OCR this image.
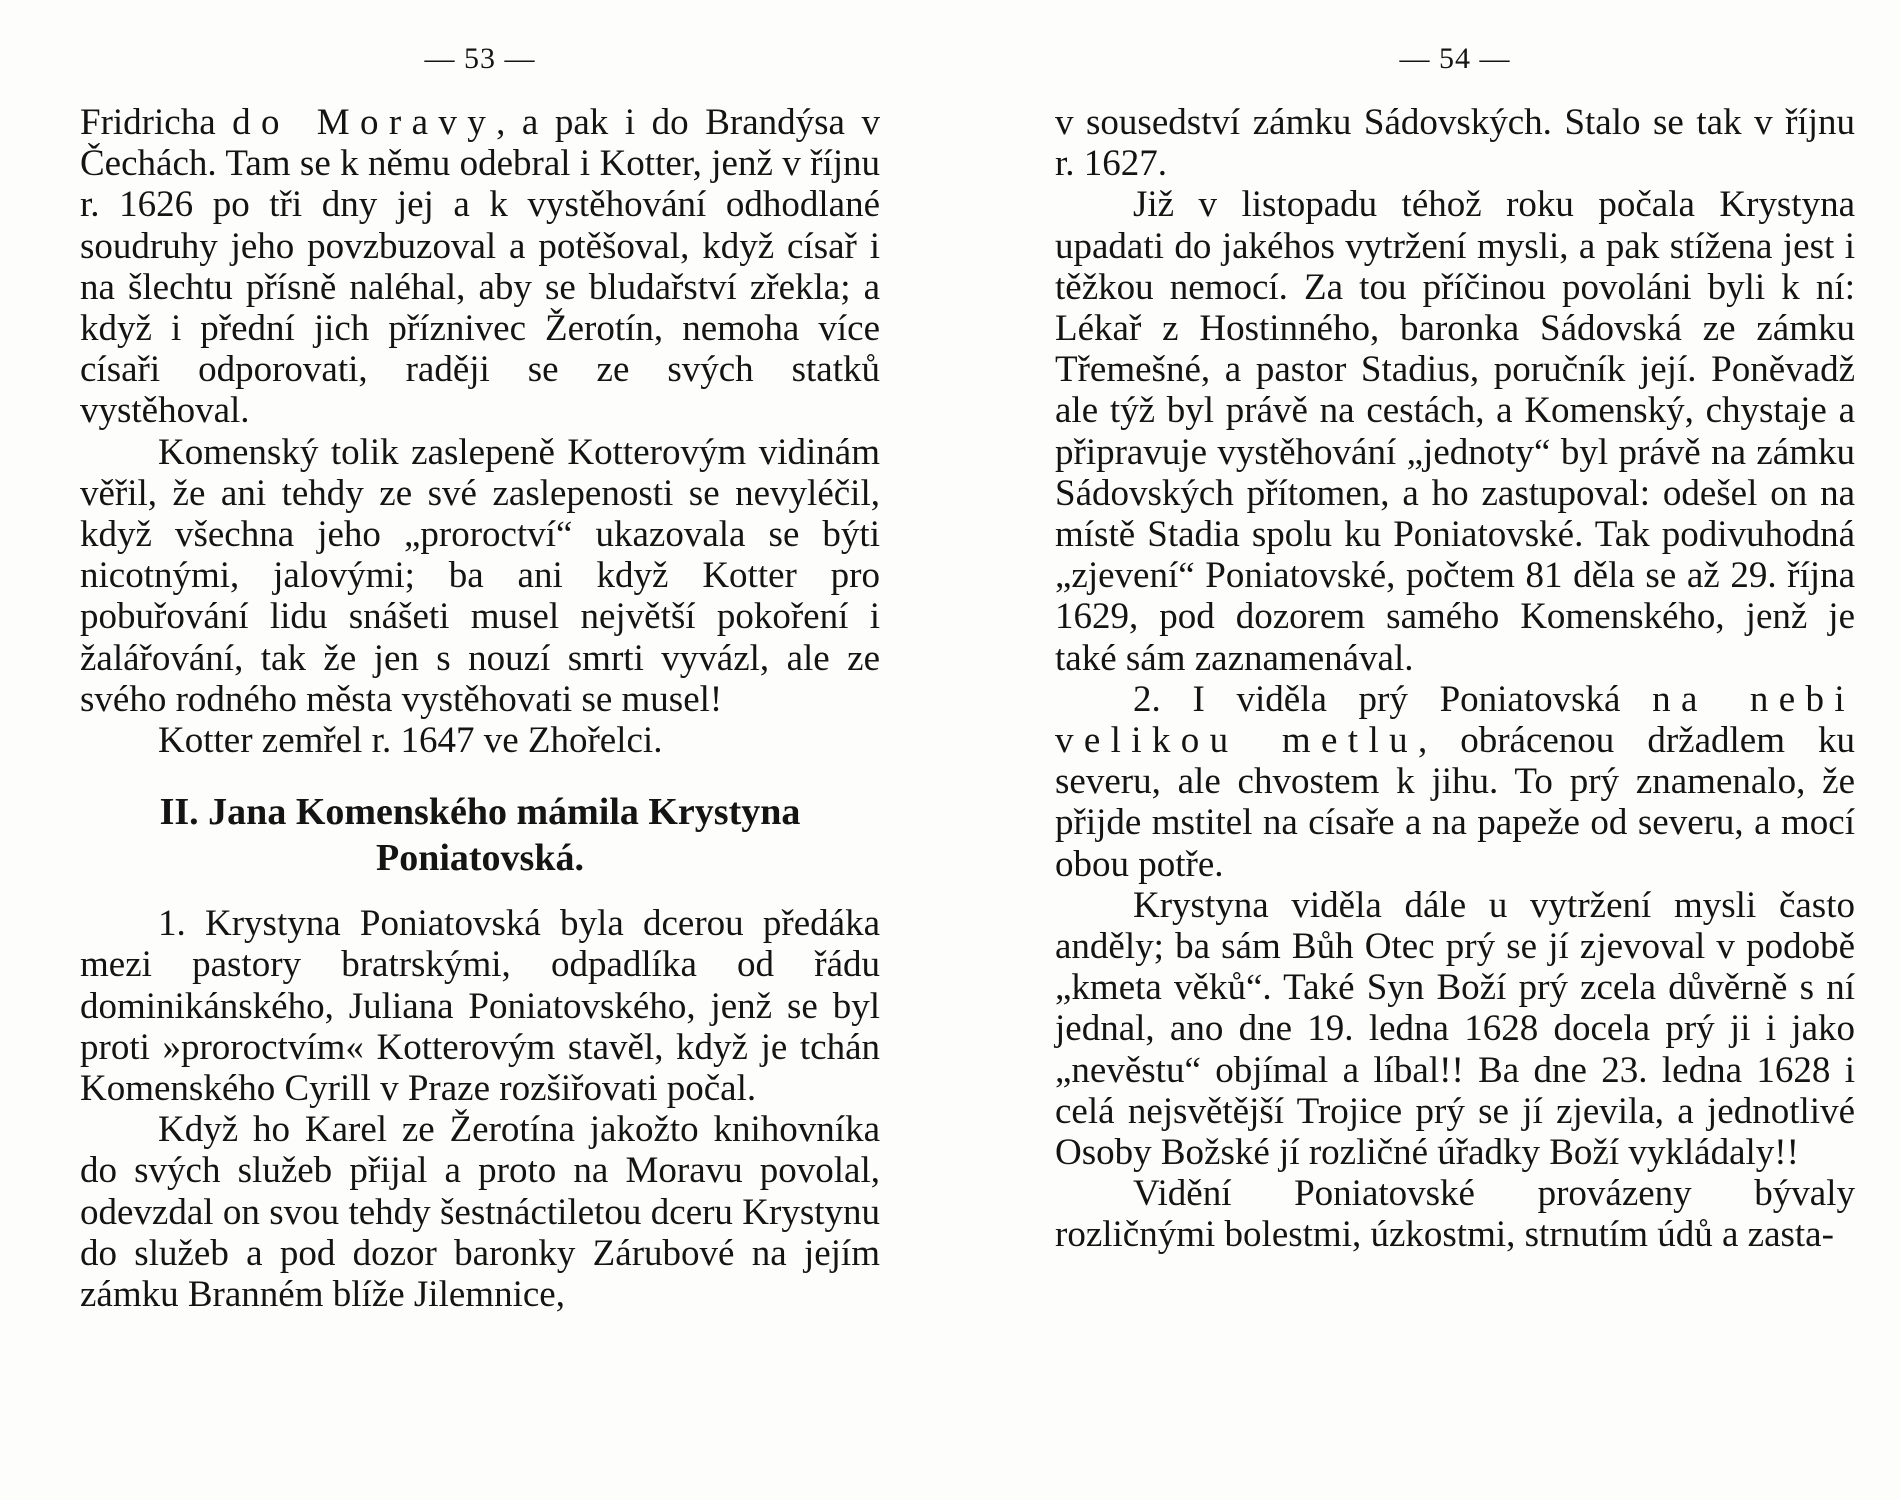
— 53 —

Fridricha do Moravy, a pak i do Brandýsa v Čechách. Tam se k němu odebral i Kotter, jenž v říjnu r. 1626 po tři dny jej a k vystěhování odhodlané soudruhy jeho povzbuzoval a potěšoval, když císař i na šlechtu přísně naléhal, aby se bludařství zřekla; a když i přední jich příznivec Žerotín, nemoha více císaři odporovati, raději se ze svých statků vystěhoval.

Komenský tolik zaslepeně Kotterovým vidinám věřil, že ani tehdy ze své zaslepenosti se nevyléčil, když všechna jeho „proroctví“ ukazovala se býti nicotnými, jalovými; ba ani když Kotter pro pobuřování lidu snášeti musel největší pokoření i žalářování, tak že jen s nouzí smrti vyvázl, ale ze svého rodného města vystěhovati se musel!

Kotter zemřel r. 1647 ve Zhořelci.

II. Jana Komenského mámila Krystyna
Poniatovská.

1. Krystyna Poniatovská byla dcerou předáka mezi pastory bratrskými, odpadlíka od řádu dominikánského, Juliana Poniatovského, jenž se byl proti »proroctvím« Kotterovým stavěl, když je tchán Komenského Cyrill v Praze rozšiřovati počal.

Když ho Karel ze Žerotína jakožto knihovníka do svých služeb přijal a proto na Moravu povolal, odevzdal on svou tehdy šestnáctiletou dceru Krystynu do služeb a pod dozor baronky Zárubové na jejím zámku Branném blíže Jilemnice,

— 54 —

v sousedství zámku Sádovských. Stalo se tak v říjnu r. 1627.

Již v listopadu téhož roku počala Krystyna upadati do jakéhos vytržení mysli, a pak stížena jest i těžkou nemocí. Za tou příčinou povoláni byli k ní: Lékař z Hostinného, baronka Sádovská ze zámku Třemešné, a pastor Stadius, poručník její. Poněvadž ale týž byl právě na cestách, a Komenský, chystaje a připravuje vystěhování „jednoty“ byl právě na zámku Sádovských přítomen, a ho zastupoval: odešel on na místě Stadia spolu ku Poniatovské. Tak podivuhodná „zjevení“ Poniatovské, počtem 81 děla se až 29. října 1629, pod dozorem samého Komenského, jenž je také sám zaznamenával.

2. I viděla prý Poniatovská na nebi velikou metlu, obrácenou držadlem ku severu, ale chvostem k jihu. To prý znamenalo, že přijde mstitel na císaře a na papeže od severu, a mocí obou potře.

Krystyna viděla dále u vytržení mysli často anděly; ba sám Bůh Otec prý se jí zjevoval v podobě „kmeta věků“. Také Syn Boží prý zcela důvěrně s ní jednal, ano dne 19. ledna 1628 docela prý ji i jako „nevěstu“ objímal a líbal!! Ba dne 23. ledna 1628 i celá nejsvětější Trojice prý se jí zjevila, a jednotlivé Osoby Božské jí rozličné úřadky Boží vykládaly!!

Vidění Poniatovské provázeny bývaly rozličnými bolestmi, úzkostmi, strnutím údů a zasta-
